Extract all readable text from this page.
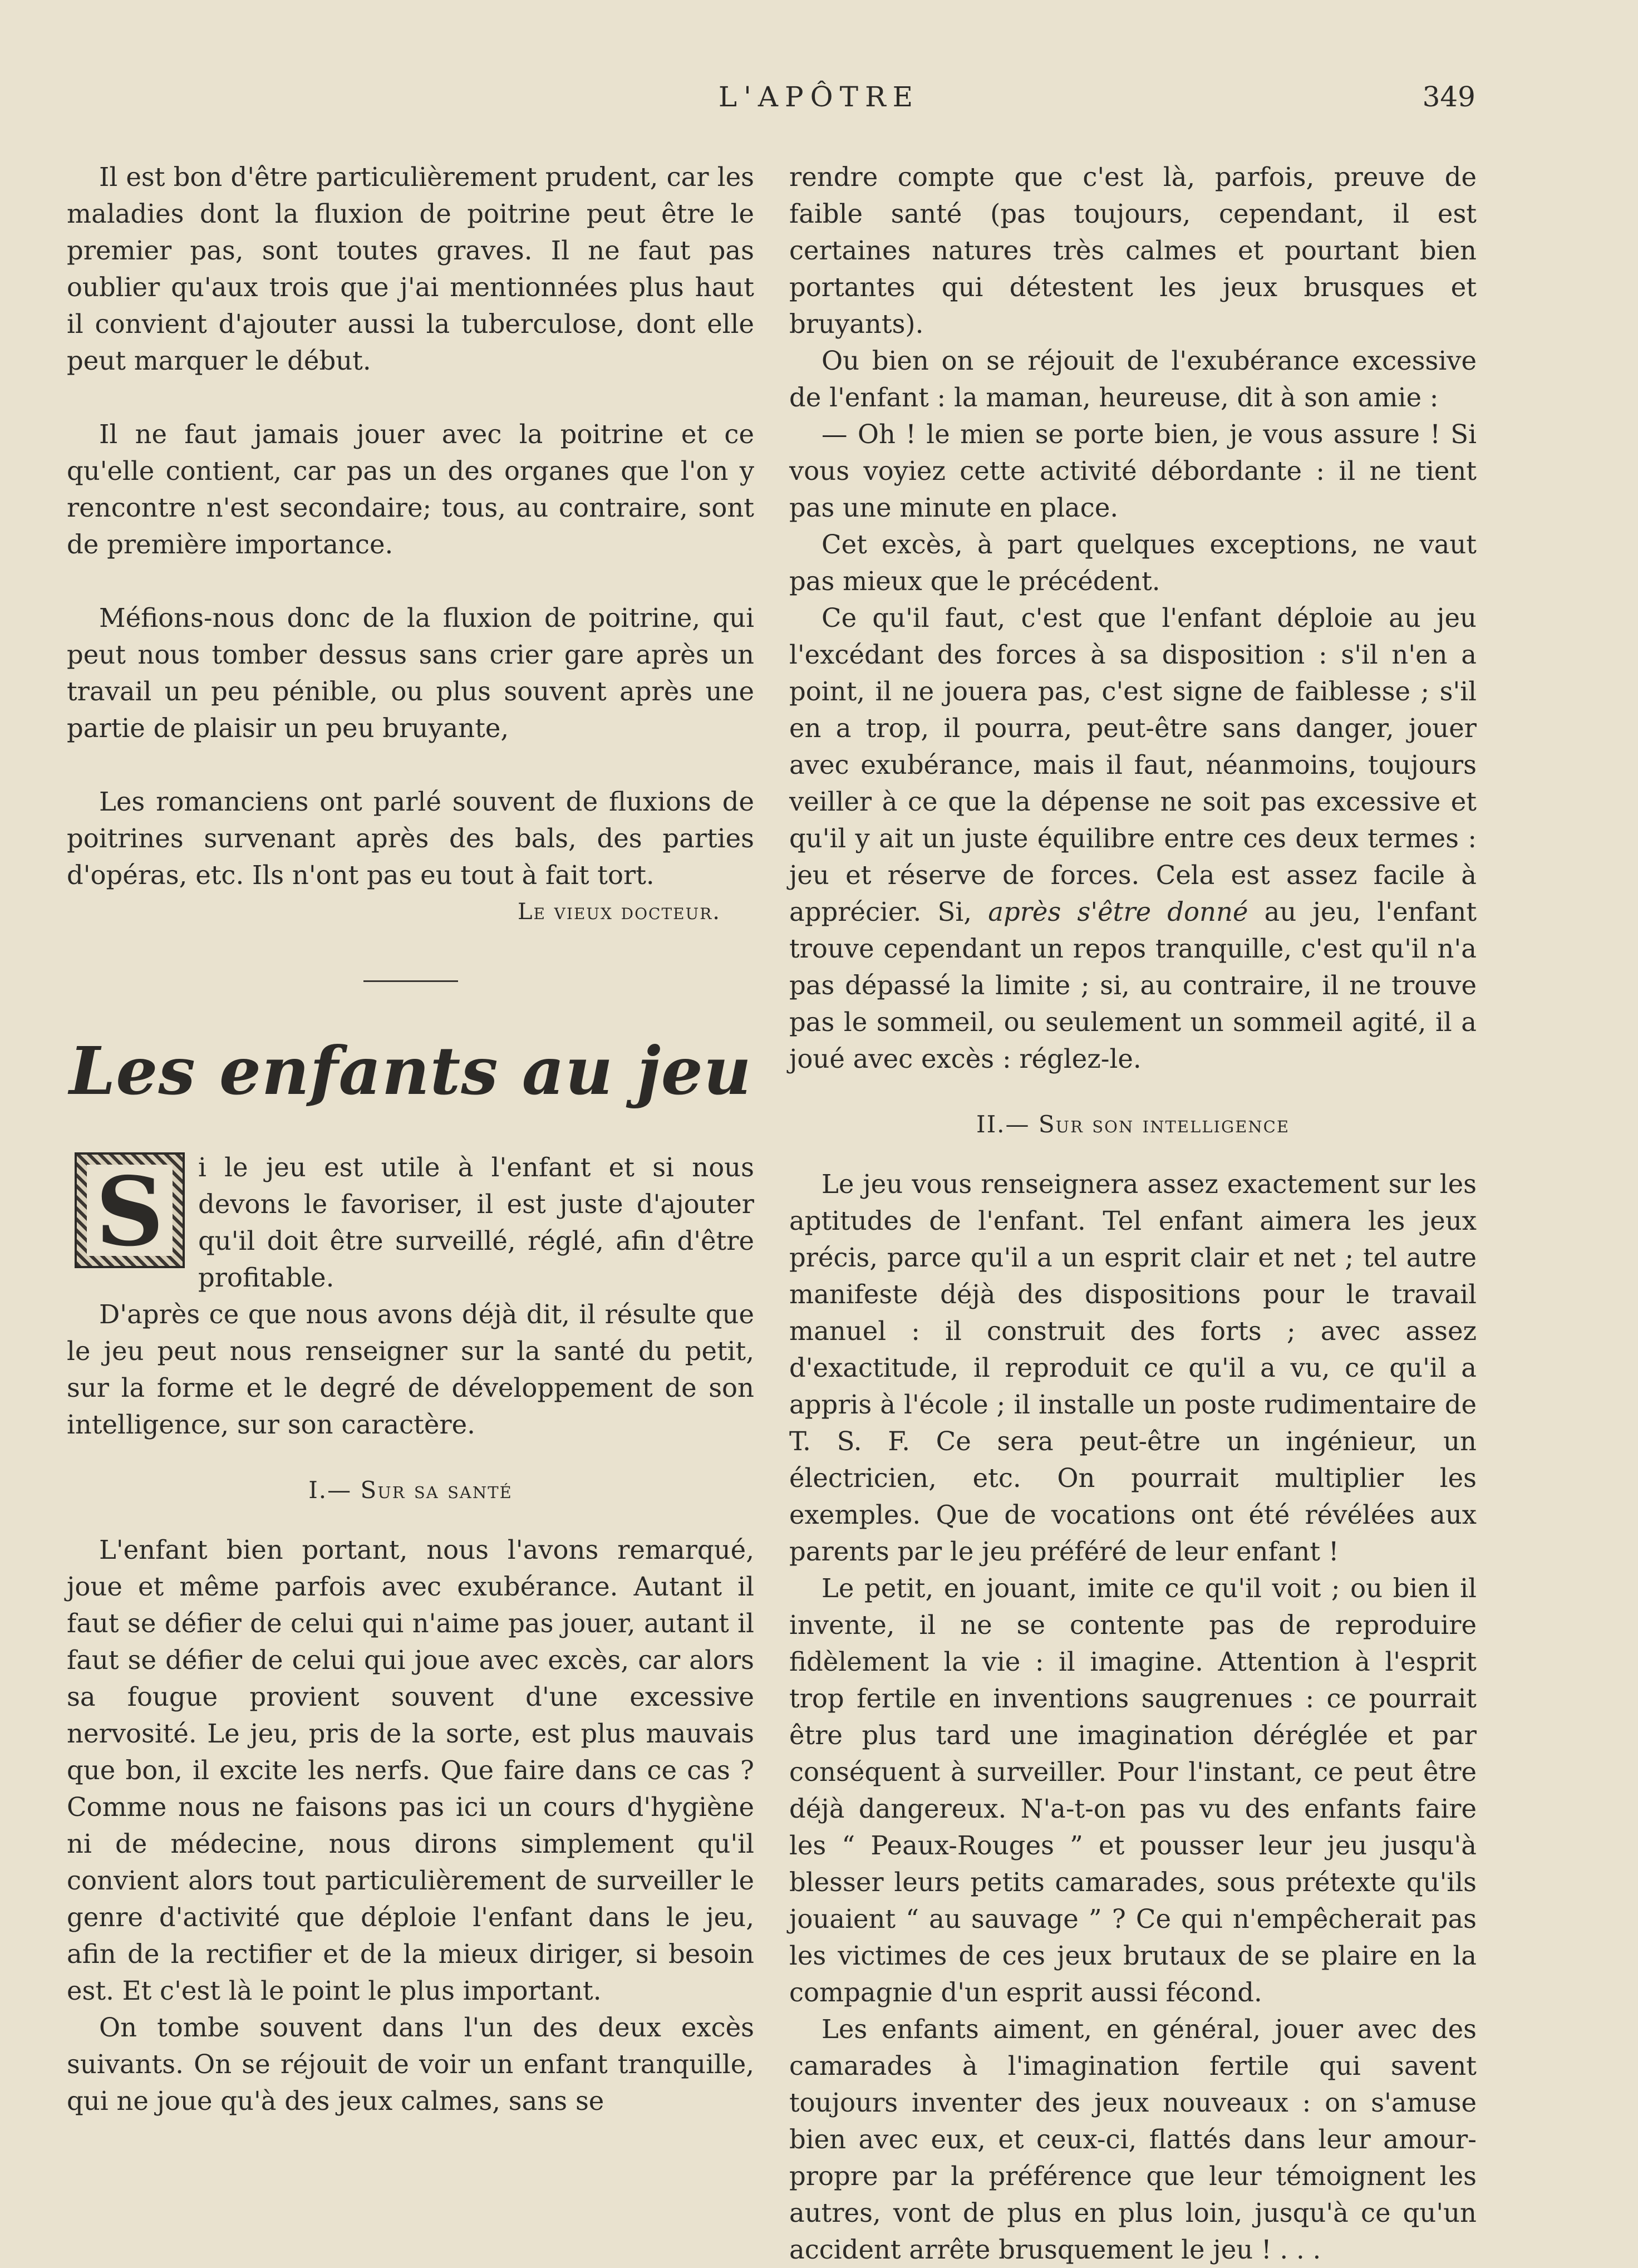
L'APÔTRE	349

Il est bon d'être particulièrement prudent, car les maladies dont la fluxion de poitrine peut être le premier pas, sont toutes graves. Il ne faut pas oublier qu'aux trois que j'ai mentionnées plus haut il convient d'ajouter aussi la tuberculose, dont elle peut marquer le début.

Il ne faut jamais jouer avec la poitrine et ce qu'elle contient, car pas un des organes que l'on y rencontre n'est secondaire; tous, au contraire, sont de première importance.

Méfions-nous donc de la fluxion de poitrine, qui peut nous tomber dessus sans crier gare après un travail un peu pénible, ou plus souvent après une partie de plaisir un peu bruyante,

Les romanciens ont parlé souvent de fluxions de poitrines survenant après des bals, des parties d'opéras, etc. Ils n'ont pas eu tout à fait tort.

Le vieux docteur.
Les enfants au jeu
S	i le jeu est utile à l'enfant et si nous devons le favoriser, il est juste d'ajouter qu'il doit être surveillé, réglé, afin d'être profitable.

D'après ce que nous avons déjà dit, il résulte que le jeu peut nous renseigner sur la santé du petit, sur la forme et le degré de développement de son intelligence, sur son caractère.

I.— Sur sa santé

L'enfant bien portant, nous l'avons remarqué, joue et même parfois avec exubérance. Autant il faut se défier de celui qui n'aime pas jouer, autant il faut se défier de celui qui joue avec excès, car alors sa fougue provient souvent d'une excessive nervosité. Le jeu, pris de la sorte, est plus mauvais que bon, il excite les nerfs. Que faire dans ce cas ? Comme nous ne faisons pas ici un cours d'hygiène ni de médecine, nous dirons simplement qu'il convient alors tout particulièrement de surveiller le genre d'activité que déploie l'enfant dans le jeu, afin de la rectifier et de la mieux diriger, si besoin est. Et c'est là le point le plus important.

On tombe souvent dans l'un des deux excès suivants. On se réjouit de voir un enfant tranquille, qui ne joue qu'à des jeux calmes, sans se

rendre compte que c'est là, parfois, preuve de faible santé (pas toujours, cependant, il est certaines natures très calmes et pourtant bien portantes qui détestent les jeux brusques et bruyants).

Ou bien on se réjouit de l'exubérance excessive de l'enfant : la maman, heureuse, dit à son amie :

— Oh ! le mien se porte bien, je vous assure ! Si vous voyiez cette activité débordante : il ne tient pas une minute en place.

Cet excès, à part quelques exceptions, ne vaut pas mieux que le précédent.

Ce qu'il faut, c'est que l'enfant déploie au jeu l'excédant des forces à sa disposition : s'il n'en a point, il ne jouera pas, c'est signe de faiblesse ; s'il en a trop, il pourra, peut-être sans danger, jouer avec exubérance, mais il faut, néanmoins, toujours veiller à ce que la dépense ne soit pas excessive et qu'il y ait un juste équilibre entre ces deux termes : jeu et réserve de forces. Cela est assez facile à apprécier. Si, après s'être donné au jeu, l'enfant trouve cependant un repos tranquille, c'est qu'il n'a pas dépassé la limite ; si, au contraire, il ne trouve pas le sommeil, ou seulement un sommeil agité, il a joué avec excès : réglez-le.

II.— Sur son intelligence

Le jeu vous renseignera assez exactement sur les aptitudes de l'enfant. Tel enfant aimera les jeux précis, parce qu'il a un esprit clair et net ; tel autre manifeste déjà des dispositions pour le travail manuel : il construit des forts ; avec assez d'exactitude, il reproduit ce qu'il a vu, ce qu'il a appris à l'école ; il installe un poste rudimentaire de T. S. F. Ce sera peut-être un ingénieur, un électricien, etc. On pourrait multiplier les exemples. Que de vocations ont été révélées aux parents par le jeu préféré de leur enfant !

Le petit, en jouant, imite ce qu'il voit ; ou bien il invente, il ne se contente pas de reproduire fidèlement la vie : il imagine. Attention à l'esprit trop fertile en inventions saugrenues : ce pourrait être plus tard une imagination déréglée et par conséquent à surveiller. Pour l'instant, ce peut être déjà dangereux. N'a-t-on pas vu des enfants faire les “ Peaux-Rouges ” et pousser leur jeu jusqu'à blesser leurs petits camarades, sous prétexte qu'ils jouaient “ au sauvage ” ? Ce qui n'empêcherait pas les victimes de ces jeux brutaux de se plaire en la compagnie d'un esprit aussi fécond.

Les enfants aiment, en général, jouer avec des camarades à l'imagination fertile qui savent toujours inventer des jeux nouveaux : on s'amuse bien avec eux, et ceux-ci, flattés dans leur amour-propre par la préférence que leur témoignent les autres, vont de plus en plus loin, jusqu'à ce qu'un accident arrête brusquement le jeu ! . . .
